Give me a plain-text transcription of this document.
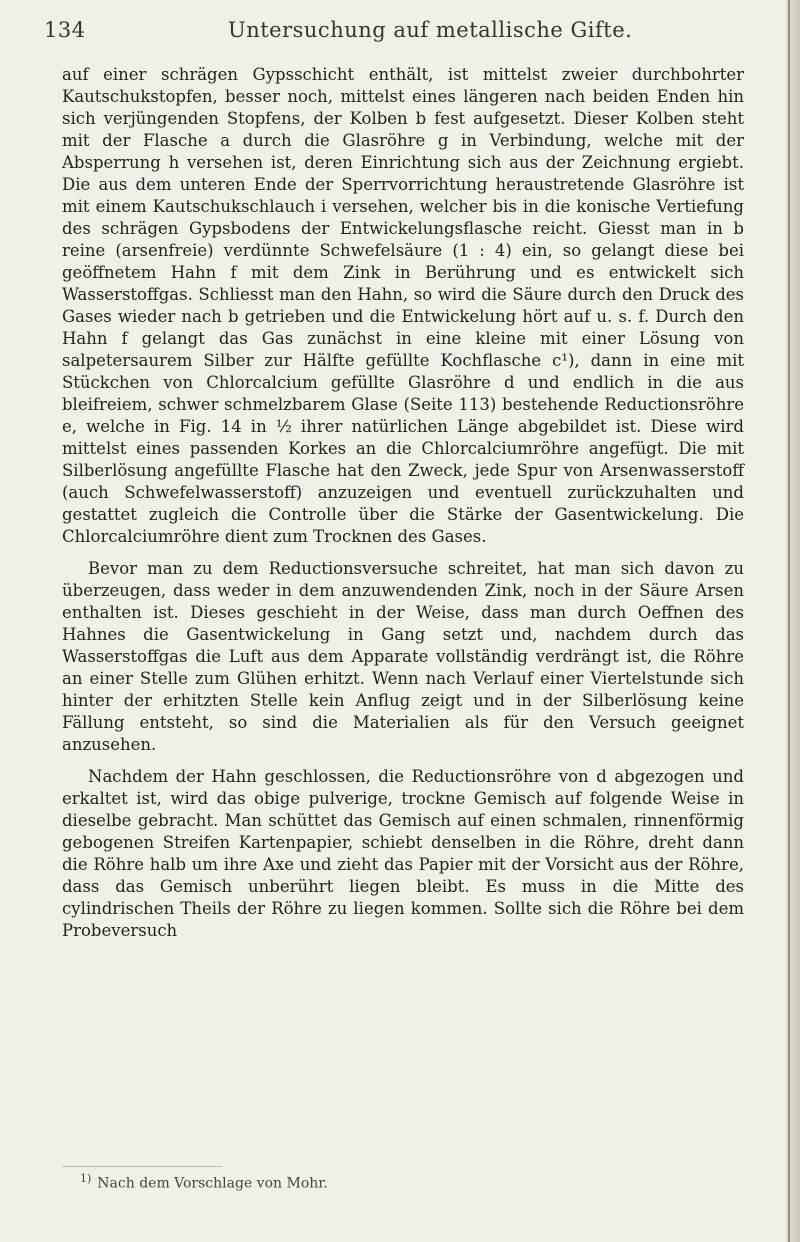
134	Untersuchung auf metallische Gifte.

auf einer schrägen Gypsschicht enthält, ist mittelst zweier durchbohrter Kautschukstopfen, besser noch, mittelst eines längeren nach beiden Enden hin sich verjüngenden Stopfens, der Kolben b fest aufgesetzt. Dieser Kolben steht mit der Flasche a durch die Glasröhre g in Verbindung, welche mit der Absperrung h versehen ist, deren Einrichtung sich aus der Zeichnung ergiebt. Die aus dem unteren Ende der Sperrvorrichtung heraustretende Glasröhre ist mit einem Kautschukschlauch i versehen, welcher bis in die konische Vertiefung des schrägen Gypsbodens der Entwickelungsflasche reicht. Giesst man in b reine (arsenfreie) verdünnte Schwefelsäure (1 : 4) ein, so gelangt diese bei geöffnetem Hahn f mit dem Zink in Berührung und es entwickelt sich Wasserstoffgas. Schliesst man den Hahn, so wird die Säure durch den Druck des Gases wieder nach b getrieben und die Entwickelung hört auf u. s. f. Durch den Hahn f gelangt das Gas zunächst in eine kleine mit einer Lösung von salpetersaurem Silber zur Hälfte gefüllte Kochflasche c¹), dann in eine mit Stückchen von Chlorcalcium gefüllte Glasröhre d und endlich in die aus bleifreiem, schwer schmelzbarem Glase (Seite 113) bestehende Reductionsröhre e, welche in Fig. 14 in ½ ihrer natürlichen Länge abgebildet ist. Diese wird mittelst eines passenden Korkes an die Chlorcalciumröhre angefügt. Die mit Silberlösung angefüllte Flasche hat den Zweck, jede Spur von Arsenwasserstoff (auch Schwefelwasserstoff) anzuzeigen und eventuell zurückzuhalten und gestattet zugleich die Controlle über die Stärke der Gasentwickelung. Die Chlorcalciumröhre dient zum Trocknen des Gases.

Bevor man zu dem Reductionsversuche schreitet, hat man sich davon zu überzeugen, dass weder in dem anzuwendenden Zink, noch in der Säure Arsen enthalten ist. Dieses geschieht in der Weise, dass man durch Oeffnen des Hahnes die Gasentwickelung in Gang setzt und, nachdem durch das Wasserstoffgas die Luft aus dem Apparate vollständig verdrängt ist, die Röhre an einer Stelle zum Glühen erhitzt. Wenn nach Verlauf einer Viertelstunde sich hinter der erhitzten Stelle kein Anflug zeigt und in der Silberlösung keine Fällung entsteht, so sind die Materialien als für den Versuch geeignet anzusehen.

Nachdem der Hahn geschlossen, die Reductionsröhre von d abgezogen und erkaltet ist, wird das obige pulverige, trockne Gemisch auf folgende Weise in dieselbe gebracht. Man schüttet das Gemisch auf einen schmalen, rinnenförmig gebogenen Streifen Kartenpapier, schiebt denselben in die Röhre, dreht dann die Röhre halb um ihre Axe und zieht das Papier mit der Vorsicht aus der Röhre, dass das Gemisch unberührt liegen bleibt. Es muss in die Mitte des cylindrischen Theils der Röhre zu liegen kommen. Sollte sich die Röhre bei dem Probeversuch

$^{1)}$ Nach dem Vorschlage von Mohr.
